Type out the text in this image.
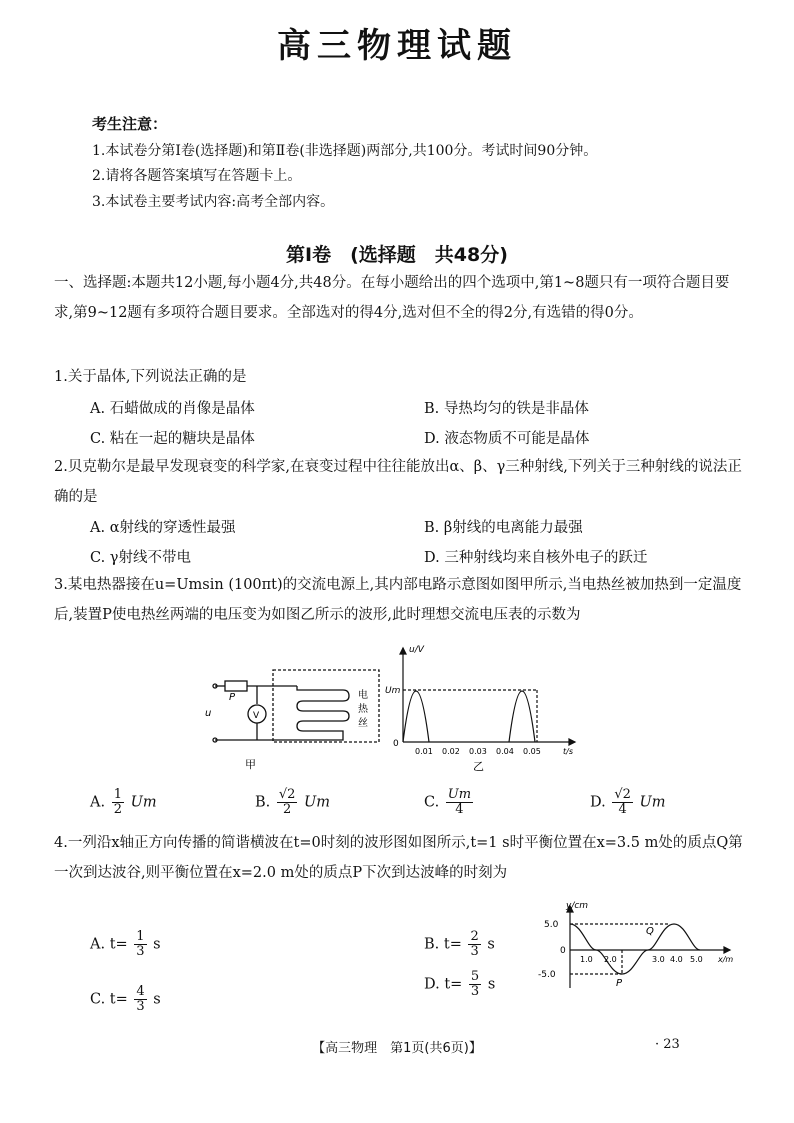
高三物理试题
考生注意：
1.本试卷分第Ⅰ卷(选择题)和第Ⅱ卷(非选择题)两部分,共100分。考试时间90分钟。
2.请将各题答案填写在答题卡上。
3.本试卷主要考试内容:高考全部内容。
第Ⅰ卷　(选择题　共48分)
一、选择题:本题共12小题,每小题4分,共48分。在每小题给出的四个选项中,第1~8题只有一项符合题目要求,第9~12题有多项符合题目要求。全部选对的得4分,选对但不全的得2分,有选错的得0分。
1.关于晶体,下列说法正确的是
A. 石蜡做成的肖像是晶体	B. 导热均匀的铁是非晶体
C. 粘在一起的糖块是晶体	D. 液态物质不可能是晶体
2.贝克勒尔是最早发现衰变的科学家,在衰变过程中往往能放出α、β、γ三种射线,下列关于三种射线的说法正确的是
A. α射线的穿透性最强	B. β射线的电离能力最强
C. γ射线不带电	D. 三种射线均来自核外电子的跃迁
3.某电热器接在u=Umsin (100πt)的交流电源上,其内部电路示意图如图甲所示,当电热丝被加热到一定温度后,装置P使电热丝两端的电压变为如图乙所示的波形,此时理想交流电压表的示数为
P
u	V
电
热
丝
甲
u/V
Um
0
0.01 0.02 0.03 0.04 0.05	t/s
乙
A. $\frac{1}{2}$ Um	B. $\frac{√2}{2}$ Um	C. $\frac{Um}{4}$	D. $\frac{√2}{4}$ Um
4.一列沿x轴正方向传播的简谐横波在t=0时刻的波形图如图所示,t=1 s时平衡位置在x=3.5 m处的质点Q第一次到达波谷,则平衡位置在x=2.0 m处的质点P下次到达波峰的时刻为
A. $t= \frac{1}{3}$ s	B. $t= \frac{2}{3}$ s
C. $t= \frac{4}{3}$ s
D. $t= \frac{5}{3}$ s
y/cm
5.0
-5.0
0
1.0 2.0	3.0 4.0 5.0 x/m
P
Q
【高三物理　第1页(共6页)】	· 23
